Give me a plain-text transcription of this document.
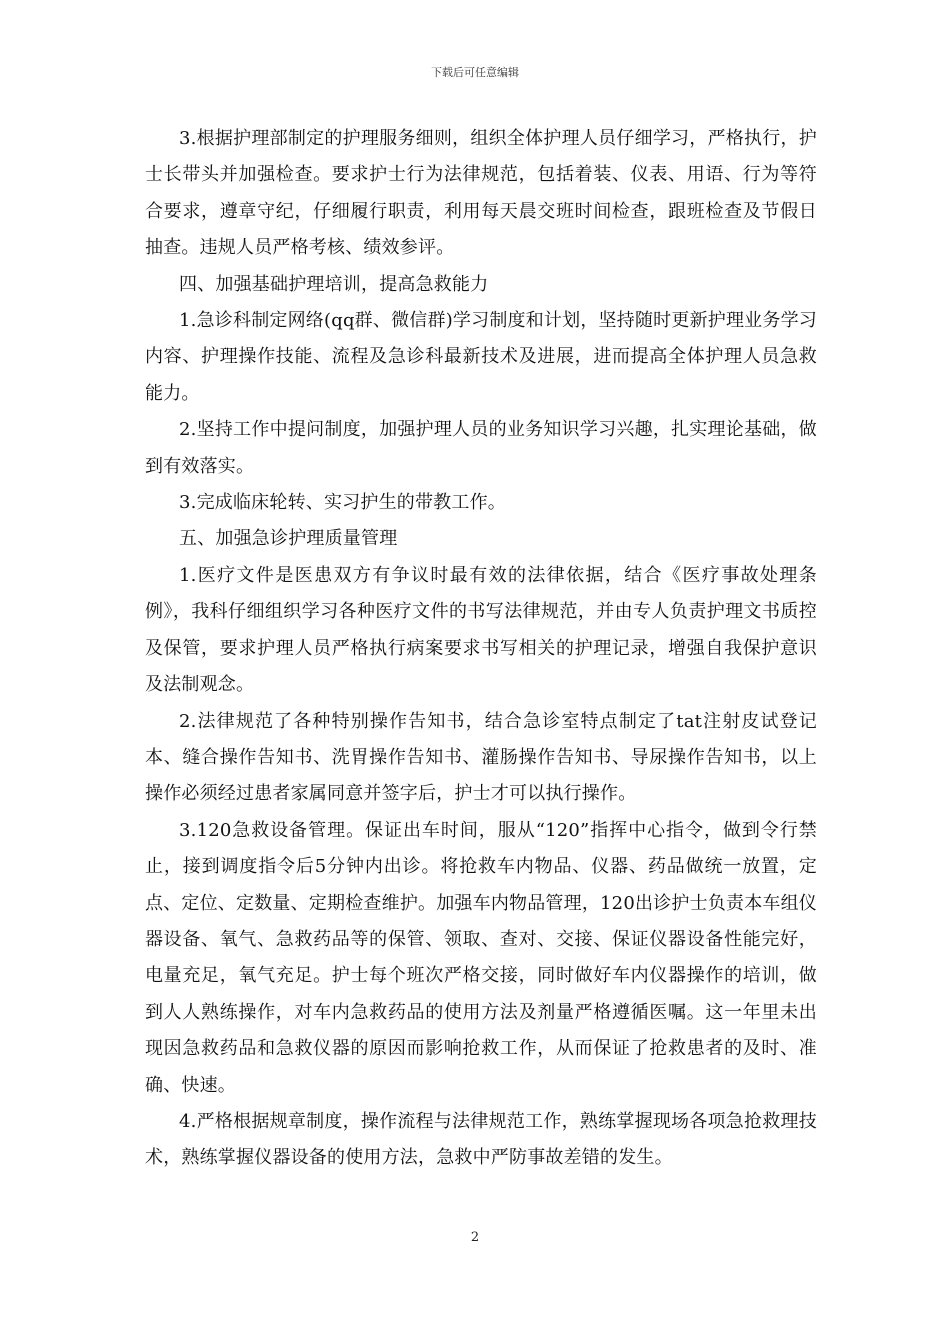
下载后可任意编辑

3.根据护理部制定的护理服务细则，组织全体护理人员仔细学习，严格执行，护士长带头并加强检查。要求护士行为法律规范，包括着装、仪表、用语、行为等符合要求，遵章守纪，仔细履行职责，利用每天晨交班时间检查，跟班检查及节假日抽查。违规人员严格考核、绩效参评。

四、加强基础护理培训，提高急救能力

1.急诊科制定网络(qq群、微信群)学习制度和计划，坚持随时更新护理业务学习内容、护理操作技能、流程及急诊科最新技术及进展，进而提高全体护理人员急救能力。

2.坚持工作中提问制度，加强护理人员的业务知识学习兴趣，扎实理论基础，做到有效落实。

3.完成临床轮转、实习护生的带教工作。

五、加强急诊护理质量管理

1.医疗文件是医患双方有争议时最有效的法律依据，结合《医疗事故处理条例》，我科仔细组织学习各种医疗文件的书写法律规范，并由专人负责护理文书质控及保管，要求护理人员严格执行病案要求书写相关的护理记录，增强自我保护意识及法制观念。

2.法律规范了各种特别操作告知书，结合急诊室特点制定了tat注射皮试登记本、缝合操作告知书、洗胃操作告知书、灌肠操作告知书、导尿操作告知书，以上操作必须经过患者家属同意并签字后，护士才可以执行操作。

3.120急救设备管理。保证出车时间，服从“120”指挥中心指令，做到令行禁止，接到调度指令后5分钟内出诊。将抢救车内物品、仪器、药品做统一放置，定点、定位、定数量、定期检查维护。加强车内物品管理，120出诊护士负责本车组仪器设备、氧气、急救药品等的保管、领取、查对、交接、保证仪器设备性能完好，电量充足，氧气充足。护士每个班次严格交接，同时做好车内仪器操作的培训，做到人人熟练操作，对车内急救药品的使用方法及剂量严格遵循医嘱。这一年里未出现因急救药品和急救仪器的原因而影响抢救工作，从而保证了抢救患者的及时、准确、快速。

4.严格根据规章制度，操作流程与法律规范工作，熟练掌握现场各项急抢救理技术，熟练掌握仪器设备的使用方法，急救中严防事故差错的发生。

2
